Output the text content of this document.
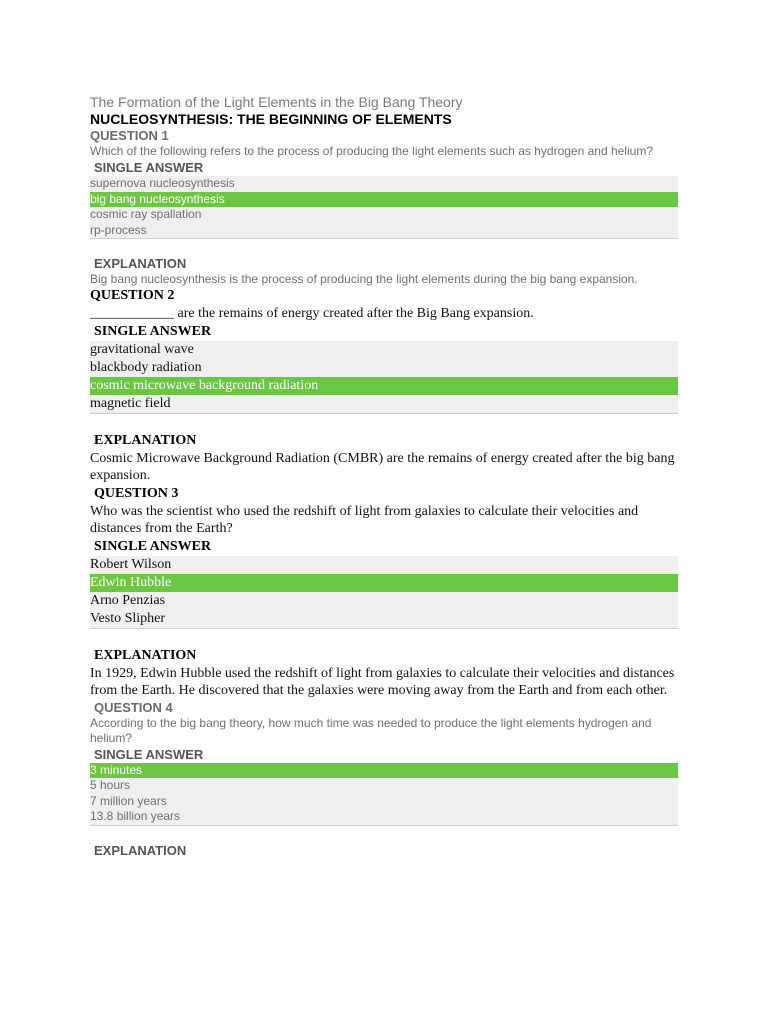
The Formation of the Light Elements in the Big Bang Theory
NUCLEOSYNTHESIS: THE BEGINNING OF ELEMENTS
QUESTION 1
Which of the following refers to the process of producing the light elements such as hydrogen and helium?
SINGLE ANSWER
supernova nucleosynthesis
big bang nucleosynthesis
cosmic ray spallation
rp-process
EXPLANATION
Big bang nucleosynthesis is the process of producing the light elements during the big bang expansion.
QUESTION 2
____________ are the remains of energy created after the Big Bang expansion.
SINGLE ANSWER
gravitational wave
blackbody radiation
cosmic microwave background radiation
magnetic field
EXPLANATION
Cosmic Microwave Background Radiation (CMBR) are the remains of energy created after the big bang expansion.
QUESTION 3
Who was the scientist who used the redshift of light from galaxies to calculate their velocities and distances from the Earth?
SINGLE ANSWER
Robert Wilson
Edwin Hubble
Arno Penzias
Vesto Slipher
EXPLANATION
In 1929, Edwin Hubble used the redshift of light from galaxies to calculate their velocities and distances from the Earth. He discovered that the galaxies were moving away from the Earth and from each other.
QUESTION 4
According to the big bang theory, how much time was needed to produce the light elements hydrogen and helium?
SINGLE ANSWER
3 minutes
5 hours
7 million years
13.8 billion years
EXPLANATION
